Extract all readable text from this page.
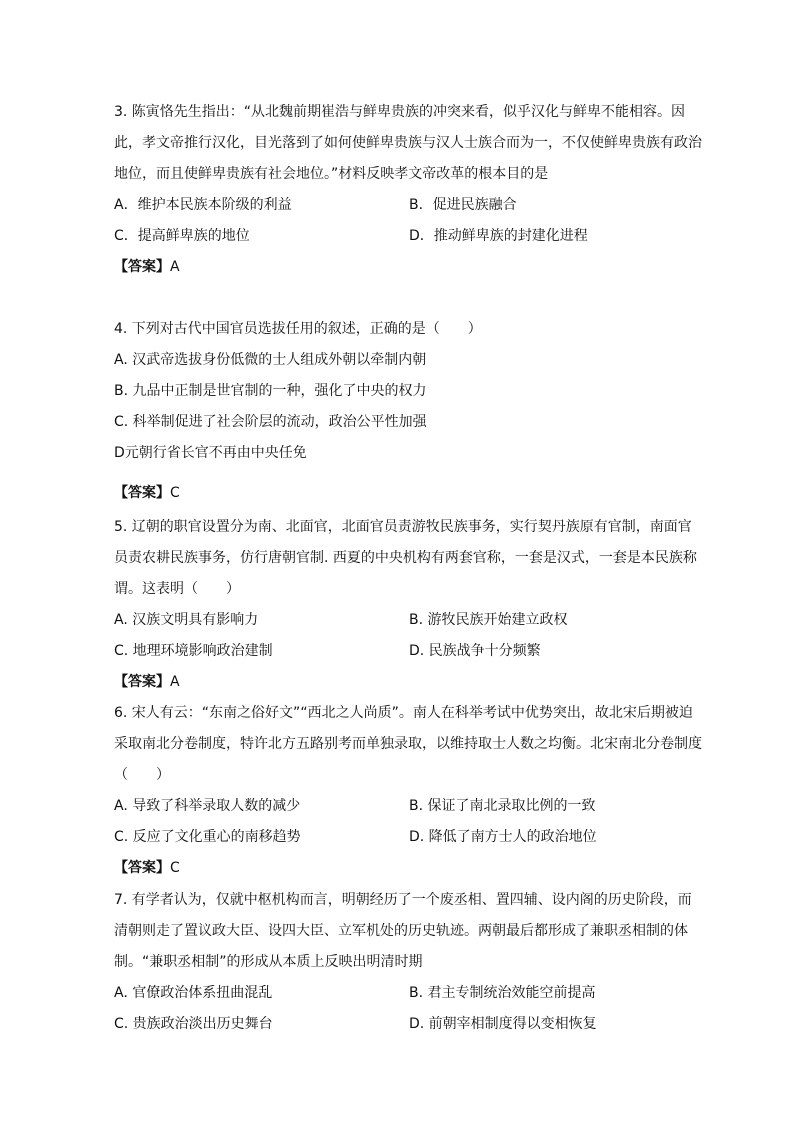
3. 陈寅恪先生指出：“从北魏前期崔浩与鲜卑贵族的冲突来看，似乎汉化与鲜卑不能相容。因此，孝文帝推行汉化，目光落到了如何使鲜卑贵族与汉人士族合而为一，不仅使鲜卑贵族有政治地位，而且使鲜卑贵族有社会地位。”材料反映孝文帝改革的根本目的是

A．维护本民族本阶级的利益	B．促进民族融合
C．提高鲜卑族的地位	D．推动鲜卑族的封建化进程
【答案】A

4. 下列对古代中国官员选拔任用的叙述，正确的是（　　）

A. 汉武帝选拔身份低微的士人组成外朝以牵制内朝
B. 九品中正制是世官制的一种，强化了中央的权力
C. 科举制促进了社会阶层的流动，政治公平性加强
D元朝行省长官不再由中央任免
【答案】C

5. 辽朝的职官设置分为南、北面官，北面官员责游牧民族事务，实行契丹族原有官制，南面官员责农耕民族事务，仿行唐朝官制. 西夏的中央机构有两套官称，一套是汉式，一套是本民族称谓。这表明（　　）

A. 汉族文明具有影响力	B. 游牧民族开始建立政权
C. 地理环境影响政治建制	D. 民族战争十分频繁
【答案】A

6. 宋人有云：“东南之俗好文”“西北之人尚质”。南人在科举考试中优势突出，故北宋后期被迫采取南北分卷制度，特许北方五路别考而单独录取，以维持取士人数之均衡。北宋南北分卷制度（　　）

A. 导致了科举录取人数的减少	B. 保证了南北录取比例的一致
C. 反应了文化重心的南移趋势	D. 降低了南方士人的政治地位
【答案】C

7. 有学者认为，仅就中枢机构而言，明朝经历了一个废丞相、置四辅、设内阁的历史阶段，而清朝则走了置议政大臣、设四大臣、立军机处的历史轨迹。两朝最后都形成了兼职丞相制的体制。“兼职丞相制”的形成从本质上反映出明清时期

A. 官僚政治体系扭曲混乱	B. 君主专制统治效能空前提高
C. 贵族政治淡出历史舞台	D. 前朝宰相制度得以变相恢复
